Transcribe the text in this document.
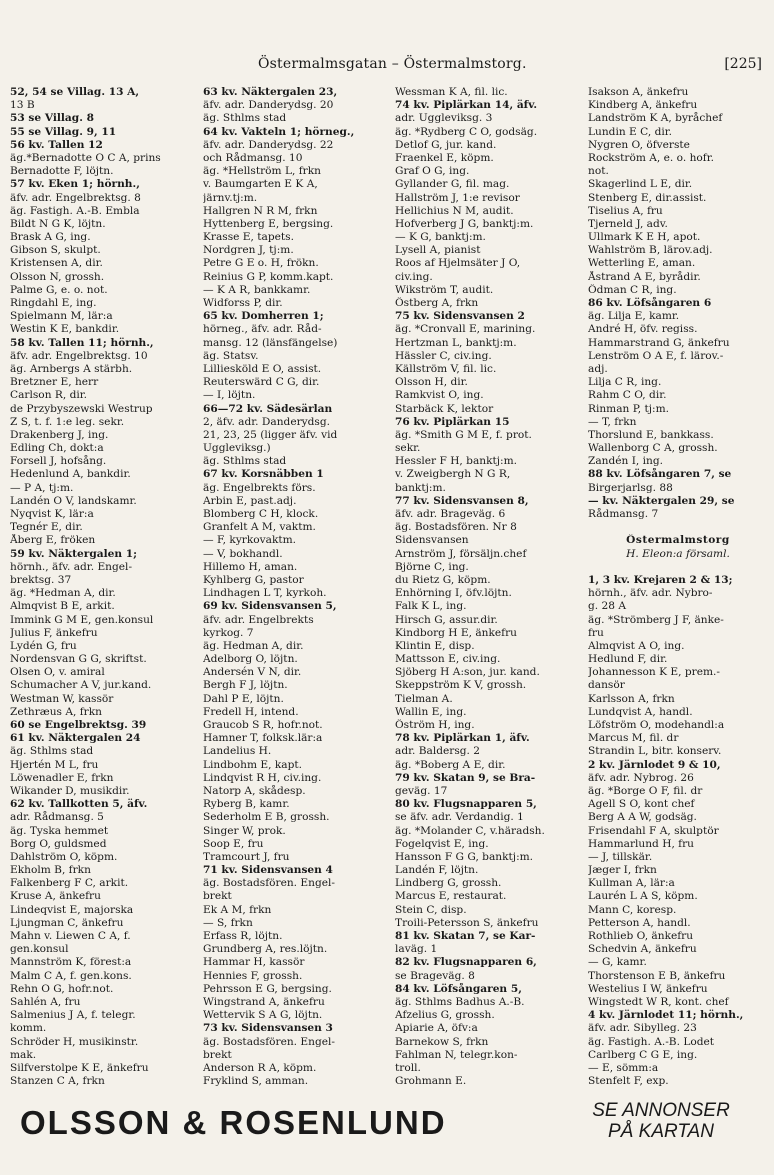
Östermalmsgatan – Östermalmstorg.	[225]
52, 54 se Villag. 13 A,
13 B
53 se Villag. 8
55 se Villag. 9, 11
56 kv. Tallen 12
äg.*Bernadotte O C A, prins
Bernadotte F, löjtn.
57 kv. Eken 1; hörnh.,
äfv. adr. Engelbrektsg. 8
äg. Fastigh. A.-B. Embla
Bildt N G K, löjtn.
Brask A G, ing.
Gibson S, skulpt.
Kristensen A, dir.
Olsson N, grossh.
Palme G, e. o. not.
Ringdahl E, ing.
Spielmann M, lär:a
Westin K E, bankdir.
58 kv. Tallen 11; hörnh.,
äfv. adr. Engelbrektsg. 10
äg. Arnbergs A stärbh.
Bretzner E, herr
Carlson R, dir.
de Przybyszewski Westrup
Z S, t. f. 1:e leg. sekr.
Drakenberg J, ing.
Edling Ch, dokt:a
Forsell J, hofsång.
Hedenlund A, bankdir.
— P A, tj:m.
Landén O V, landskamr.
Nyqvist K, lär:a
Tegnér E, dir.
Åberg E, fröken
59 kv. Näktergalen 1;
hörnh., äfv. adr. Engel-
brektsg. 37
äg. *Hedman A, dir.
Almqvist B E, arkit.
Immink G M E, gen.konsul
Julius F, änkefru
Lydén G, fru
Nordensvan G G, skriftst.
Olsen O, v. amiral
Schumacher A V, jur.kand.
Westman W, kassör
Zethræus A, frkn
60 se Engelbrektsg. 39
61 kv. Näktergalen 24
äg. Sthlms stad
Hjertén M L, fru
Löwenadler E, frkn
Wikander D, musikdir.
62 kv. Tallkotten 5, äfv.
adr. Rådmansg. 5
äg. Tyska hemmet
Borg O, guldsmed
Dahlström O, köpm.
Ekholm B, frkn
Falkenberg F C, arkit.
Kruse A, änkefru
Lindeqvist E, majorska
Ljungman C, änkefru
Mahn v. Liewen C A, f.
gen.konsul
Mannström K, förest:a
Malm C A, f. gen.kons.
Rehn O G, hofr.not.
Sahlén A, fru
Salmenius J A, f. telegr.
komm.
Schröder H, musikinstr.
mak.
Silfverstolpe K E, änkefru
Stanzen C A, frkn
63 kv. Näktergalen 23,
äfv. adr. Danderydsg. 20
äg. Sthlms stad
64 kv. Vakteln 1; hörneg.,
äfv. adr. Danderydsg. 22
och Rådmansg. 10
äg. *Hellström L, frkn
v. Baumgarten E K A,
järnv.tj:m.
Hallgren N R M, frkn
Hyttenberg E, bergsing.
Krasse E, tapets.
Nordgren J, tj:m.
Petre G E o. H, frökn.
Reinius G P, komm.kapt.
— K A R, bankkamr.
Widforss P, dir.
65 kv. Domherren 1;
hörneg., äfv. adr. Råd-
mansg. 12 (länsfängelse)
äg. Statsv.
Lilliesköld E O, assist.
Reuterswärd C G, dir.
— I, löjtn.
66—72 kv. Sädesärlan
2, äfv. adr. Danderydsg.
21, 23, 25 (ligger äfv. vid
Uggleviksg.)
äg. Sthlms stad
67 kv. Korsnäbben 1
äg. Engelbrekts förs.
Arbin E, past.adj.
Blomberg C H, klock.
Granfelt A M, vaktm.
— F, kyrkovaktm.
— V, bokhandl.
Hillemo H, aman.
Kyhlberg G, pastor
Lindhagen L T, kyrkoh.
69 kv. Sidensvansen 5,
äfv. adr. Engelbrekts
kyrkog. 7
äg. Hedman A, dir.
Adelborg O, löjtn.
Andersén V N, dir.
Bergh F J, löjtn.
Dahl P E, löjtn.
Fredell H, intend.
Graucob S R, hofr.not.
Hamner T, folksk.lär:a
Landelius H.
Lindbohm E, kapt.
Lindqvist R H, civ.ing.
Natorp A, skådesp.
Ryberg B, kamr.
Sederholm E B, grossh.
Singer W, prok.
Soop E, fru
Tramcourt J, fru
71 kv. Sidensvansen 4
äg. Bostadsfören. Engel-
brekt
Ek A M, frkn
— S, frkn
Erfass R, löjtn.
Grundberg A, res.löjtn.
Hammar H, kassör
Hennies F, grossh.
Pehrsson E G, bergsing.
Wingstrand A, änkefru
Wettervik S A G, löjtn.
73 kv. Sidensvansen 3
äg. Bostadsfören. Engel-
brekt
Anderson R A, köpm.
Fryklind S, amman.
Wessman K A, fil. lic.
74 kv. Piplärkan 14, äfv.
adr. Uggleviksg. 3
äg. *Rydberg C O, godsäg.
Detlof G, jur. kand.
Fraenkel E, köpm.
Graf O G, ing.
Gyllander G, fil. mag.
Hallström J, 1:e revisor
Hellichius N M, audit.
Hofverberg J G, banktj:m.
— K G, banktj:m.
Lysell A, pianist
Roos af Hjelmsäter J O,
civ.ing.
Wikström T, audit.
Östberg A, frkn
75 kv. Sidensvansen 2
äg. *Cronvall E, marining.
Hertzman L, banktj:m.
Hässler C, civ.ing.
Källström V, fil. lic.
Olsson H, dir.
Ramkvist O, ing.
Starbäck K, lektor
76 kv. Piplärkan 15
äg. *Smith G M E, f. prot.
sekr.
Hessler F H, banktj:m.
v. Zweigbergh N G R,
banktj:m.
77 kv. Sidensvansen 8,
äfv. adr. Brageväg. 6
äg. Bostadsfören. Nr 8
Sidensvansen
Arnström J, försäljn.chef
Björne C, ing.
du Rietz G, köpm.
Enhörning I, öfv.löjtn.
Falk K L, ing.
Hirsch G, assur.dir.
Kindborg H E, änkefru
Klintin E, disp.
Mattsson E, civ.ing.
Sjöberg H A:son, jur. kand.
Skeppström K V, grossh.
Tielman A.
Wallin E, ing.
Öström H, ing.
78 kv. Piplärkan 1, äfv.
adr. Baldersg. 2
äg. *Boberg A E, dir.
79 kv. Skatan 9, se Bra-
geväg. 17
80 kv. Flugsnapparen 5,
se äfv. adr. Verdandig. 1
äg. *Molander C, v.häradsh.
Fogelqvist E, ing.
Hansson F G G, banktj:m.
Landén F, löjtn.
Lindberg G, grossh.
Marcus E, restaurat.
Stein C, disp.
Troili-Petersson S, änkefru
81 kv. Skatan 7, se Kar-
laväg. 1
82 kv. Flugsnapparen 6,
se Brageväg. 8
84 kv. Löfsångaren 5,
äg. Sthlms Badhus A.-B.
Afzelius G, grossh.
Apiarie A, öfv:a
Barnekow S, frkn
Fahlman N, telegr.kon-
troll.
Grohmann E.
Isakson A, änkefru
Kindberg A, änkefru
Landström K A, byråchef
Lundin E C, dir.
Nygren O, öfverste
Rockström A, e. o. hofr.
not.
Skagerlind L E, dir.
Stenberg E, dir.assist.
Tiselius A, fru
Tjerneld J, adv.
Ullmark K E H, apot.
Wahlström B, lärov.adj.
Wetterling E, aman.
Åstrand A E, byrådir.
Ödman C R, ing.
86 kv. Löfsångaren 6
äg. Lilja E, kamr.
André H, öfv. regiss.
Hammarstrand G, änkefru
Lenström O A E, f. lärov.-
adj.
Lilja C R, ing.
Rahm C O, dir.
Rinman P, tj:m.
— T, frkn
Thorslund E, bankkass.
Wallenborg C A, grossh.
Zandén I, ing.
88 kv. Löfsångaren 7, se
Birgerjarlsg. 88
— kv. Näktergalen 29, se
Rådmansg. 7
Östermalmstorg
H. Eleon:a församl.
1, 3 kv. Krejaren 2 & 13;
hörnh., äfv. adr. Nybro-
g. 28 A
äg. *Strömberg J F, änke-
fru
Almqvist A O, ing.
Hedlund F, dir.
Johannesson K E, prem.-
dansör
Karlsson A, frkn
Lundqvist A, handl.
Löfström O, modehandl:a
Marcus M, fil. dr
Strandin L, bitr. konserv.
2 kv. Järnlodet 9 & 10,
äfv. adr. Nybrog. 26
äg. *Borge O F, fil. dr
Agell S O, kont chef
Berg A A W, godsäg.
Frisendahl F A, skulptör
Hammarlund H, fru
— J, tillskär.
Jæger I, frkn
Kullman A, lär:a
Laurén L A S, köpm.
Mann C, koresp.
Petterson A, handl.
Rothlieb O, änkefru
Schedvin A, änkefru
— G, kamr.
Thorstenson E B, änkefru
Westelius I W, änkefru
Wingstedt W R, kont. chef
4 kv. Järnlodet 11; hörnh.,
äfv. adr. Sibylleg. 23
äg. Fastigh. A.-B. Lodet
Carlberg C G E, ing.
— E, sömm:a
Stenfelt F, exp.
OLSSON & ROSENLUND	SE ANNONSER
PÅ KARTAN
